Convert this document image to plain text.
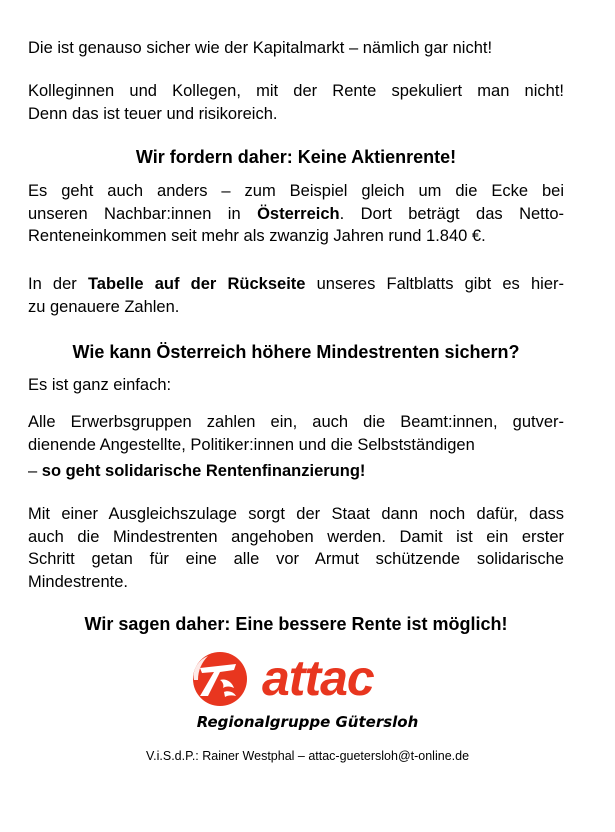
Die ist genauso sicher wie der Kapitalmarkt – nämlich gar nicht!

Kolleginnen und Kollegen, mit der Rente spekuliert man nicht!
Denn das ist teuer und risikoreich.

Wir fordern daher: Keine Aktienrente!

Es geht auch anders – zum Beispiel gleich um die Ecke bei
unseren Nachbar:innen in Österreich. Dort beträgt das Netto-
Renteneinkommen seit mehr als zwanzig Jahren rund 1.840 €.

In der Tabelle auf der Rückseite unseres Faltblatts gibt es hier-
zu genauere Zahlen.

Wie kann Österreich höhere Mindestrenten sichern?

Es ist ganz einfach:

Alle Erwerbsgruppen zahlen ein, auch die Beamt:innen, gutver-
dienende Angestellte, Politiker:innen und die Selbstständigen
– so geht solidarische Rentenfinanzierung!

Mit einer Ausgleichszulage sorgt der Staat dann noch dafür, dass
auch die Mindestrenten angehoben werden. Damit ist ein erster
Schritt getan für eine alle vor Armut schützende solidarische
Mindestrente.

Wir sagen daher: Eine bessere Rente ist möglich!
attac
Regionalgruppe Gütersloh
V.i.S.d.P.: Rainer Westphal – attac-guetersloh@t-online.de
